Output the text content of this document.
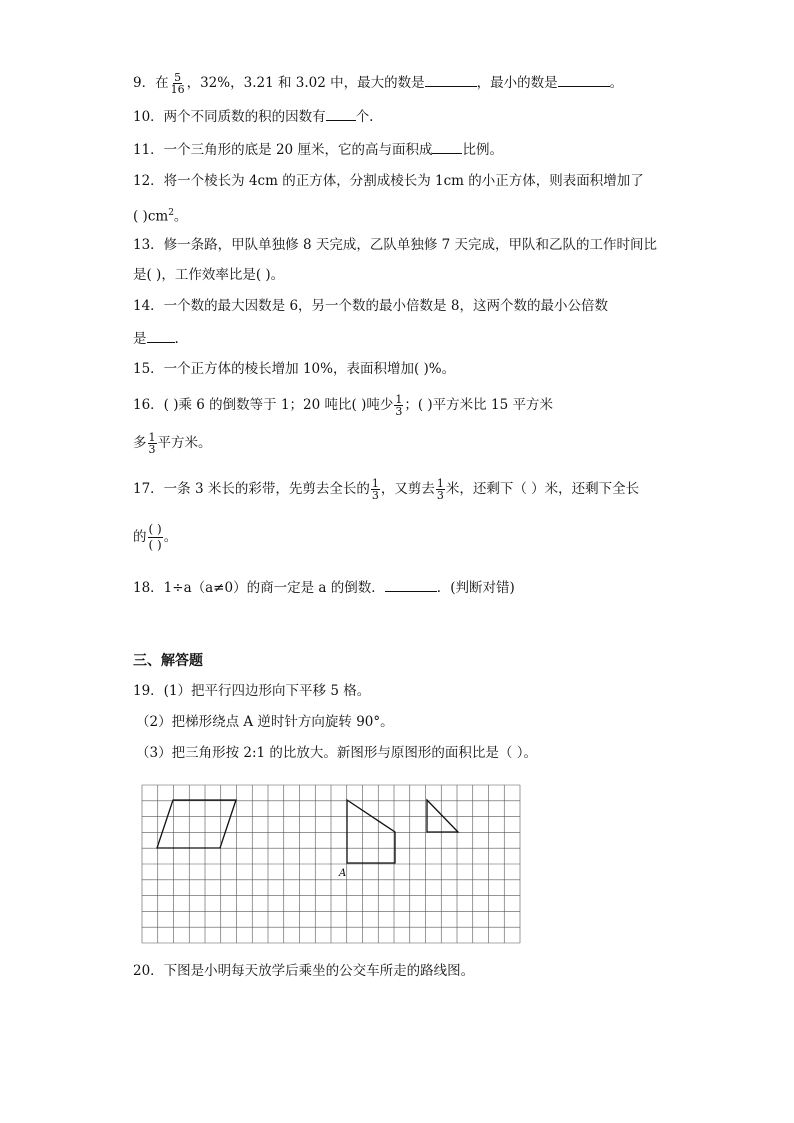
9．在 $\frac{5}{16}$ ，32%，3.21 和 3.02 中，最大的数是	，最小的数是	。
10．两个不同质数的积的因数有 个.
11．一个三角形的底是 20 厘米，它的高与面积成 比例。
12．将一个棱长为 4cm 的正方体，分割成棱长为 1cm 的小正方体，则表面积增加了
( )$cm^2$。
13．修一条路，甲队单独修 8 天完成，乙队单独修 7 天完成，甲队和乙队的工作时间比
是( )，工作效率比是( )。
14．一个数的最大因数是 6，另一个数的最小倍数是 8，这两个数的最小公倍数
是 .
15．一个正方体的棱长增加 10%，表面积增加( )%。
16．( )乘 6 的倒数等于 1；20 吨比( )吨少 $\frac{1}{3}$ ；( )平方米比 15 平方米
多 $\frac{1}{3}$ 平方米。
17．一条 3 米长的彩带，先剪去全长的 $\frac{1}{3}$ ，又剪去 $\frac{1}{3}$ 米，还剩下（ ）米，还剩下全长
的 $\frac{( )}{( )}$ 。
18．1÷a（a≠0）的商一定是 a 的倒数．	．(判断对错)
三、解答题
19．(1）把平行四边形向下平移 5 格。
（2）把梯形绕点 A 逆时针方向旋转 90°。
（3）把三角形按 2:1 的比放大。新图形与原图形的面积比是（ ）。
A
20．下图是小明每天放学后乘坐的公交车所走的路线图。
